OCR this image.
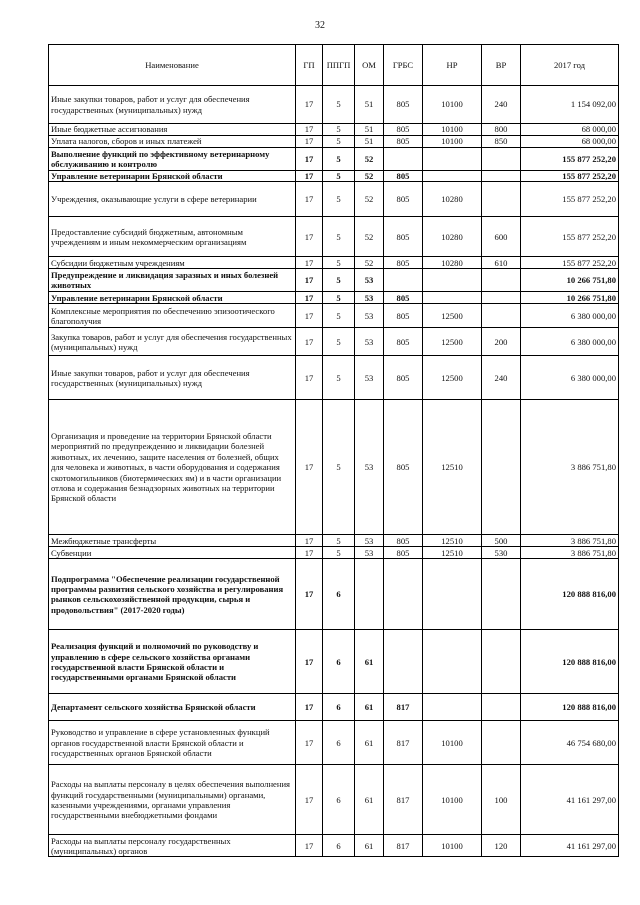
32
Наименование	ГП	ППГП	ОМ	ГРБС	НР	ВР	2017 год
Иные закупки товаров, работ и услуг для обеспечения государственных (муниципальных) нужд	17	5	51	805	10100	240	1 154 092,00
Иные бюджетные ассигнования	17	5	51	805	10100	800	68 000,00
Уплата налогов, сборов и иных платежей	17	5	51	805	10100	850	68 000,00
Выполнение функций по эффективному ветеринарному обслуживанию и контролю	17	5	52				155 877 252,20
Управление ветеринарии Брянской области	17	5	52	805			155 877 252,20
Учреждения, оказывающие услуги в сфере ветеринарии	17	5	52	805	10280		155 877 252,20
Предоставление субсидий бюджетным, автономным учреждениям и иным некоммерческим организациям	17	5	52	805	10280	600	155 877 252,20
Субсидии бюджетным учреждениям	17	5	52	805	10280	610	155 877 252,20
Предупреждение и ликвидация заразных и иных болезней животных	17	5	53				10 266 751,80
Управление ветеринарии Брянской области	17	5	53	805			10 266 751,80
Комплексные мероприятия по обеспечению эпизоотического благополучия	17	5	53	805	12500		6 380 000,00
Закупка товаров, работ и услуг для обеспечения государственных (муниципальных) нужд	17	5	53	805	12500	200	6 380 000,00
Иные закупки товаров, работ и услуг для обеспечения государственных (муниципальных) нужд	17	5	53	805	12500	240	6 380 000,00
Организация и проведение на территории Брянской области мероприятий по предупреждению и ликвидации болезней животных, их лечению, защите населения от болезней, общих для человека и животных, в части оборудования и содержания скотомогильников (биотермических ям) и в части организации отлова и содержания безнадзорных животных на территории Брянской области	17	5	53	805	12510		3 886 751,80
Межбюджетные трансферты	17	5	53	805	12510	500	3 886 751,80
Субвенции	17	5	53	805	12510	530	3 886 751,80
Подпрограмма "Обеспечение реализации государственной программы развития сельского хозяйства и регулирования рынков сельскохозяйственной продукции, сырья и продовольствия" (2017-2020 годы)	17	6					120 888 816,00
Реализация функций и полномочий по руководству и управлению в сфере сельского хозяйства органами государственной власти Брянской области и государственными органами Брянской области	17	6	61				120 888 816,00
Департамент сельского хозяйства Брянской области	17	6	61	817			120 888 816,00
Руководство и управление в сфере установленных функций органов государственной власти Брянской области и государственных органов Брянской области	17	6	61	817	10100		46 754 680,00
Расходы на выплаты персоналу в целях обеспечения выполнения функций государственными (муниципальными) органами, казенными учреждениями, органами управления государственными внебюджетными фондами	17	6	61	817	10100	100	41 161 297,00
Расходы на выплаты персоналу государственных (муниципальных) органов	17	6	61	817	10100	120	41 161 297,00
